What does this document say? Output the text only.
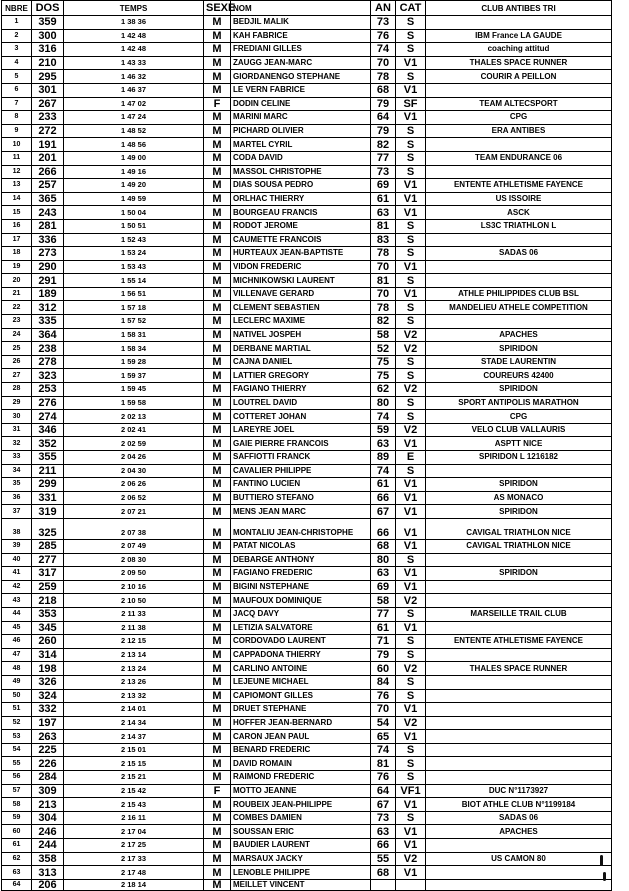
NBRE	DOS	TEMPS	SEXE	NOM	AN	CAT	CLUB ANTIBES TRI
1	359	1 38 36	M	BEDJIL MALIK	73	S	
2	300	1 42 48	M	KAH FABRICE	76	S	IBM France LA GAUDE
3	316	1 42 48	M	FREDIANI GILLES	74	S	coaching attitud
4	210	1 43 33	M	ZAUGG JEAN-MARC	70	V1	THALES SPACE RUNNER
5	295	1 46 32	M	GIORDANENGO STEPHANE	78	S	COURIR A PEILLON
6	301	1 46 37	M	LE VERN FABRICE	68	V1	
7	267	1 47 02	F	DODIN CELINE	79	SF	TEAM ALTECSPORT
8	233	1 47 24	M	MARINI MARC	64	V1	CPG
9	272	1 48 52	M	PICHARD OLIVIER	79	S	ERA ANTIBES
10	191	1 48 56	M	MARTEL CYRIL	82	S	
11	201	1 49 00	M	CODA DAVID	77	S	TEAM ENDURANCE 06
12	266	1 49 16	M	MASSOL CHRISTOPHE	73	S	
13	257	1 49 20	M	DIAS SOUSA PEDRO	69	V1	ENTENTE ATHLETISME FAYENCE
14	365	1 49 59	M	ORLHAC THIERRY	61	V1	US ISSOIRE
15	243	1 50 04	M	BOURGEAU FRANCIS	63	V1	ASCK
16	281	1 50 51	M	RODOT JEROME	81	S	LS3C TRIATHLON L
17	336	1 52 43	M	CAUMETTE FRANCOIS	83	S	
18	273	1 53 24	M	HURTEAUX JEAN-BAPTISTE	78	S	SADAS 06
19	290	1 53 43	M	VIDON FREDERIC	70	V1	
20	291	1 55 14	M	MICHNIKOWSKI LAURENT	81	S	
21	189	1 56 51	M	VILLENAVE GERARD	70	V1	ATHLE PHILIPPIDES CLUB BSL
22	312	1 57 18	M	CLEMENT SEBASTIEN	78	S	MANDELIEU ATHELE COMPETITION
23	335	1 57 52	M	LECLERC MAXIME	82	S	
24	364	1 58 31	M	NATIVEL JOSPEH	58	V2	APACHES
25	238	1 58 34	M	DERBANE MARTIAL	52	V2	SPIRIDON
26	278	1 59 28	M	CAJNA DANIEL	75	S	STADE LAURENTIN
27	323	1 59 37	M	LATTIER GREGORY	75	S	COUREURS 42400
28	253	1 59 45	M	FAGIANO THIERRY	62	V2	SPIRIDON
29	276	1 59 58	M	LOUTREL DAVID	80	S	SPORT ANTIPOLIS MARATHON
30	274	2 02 13	M	COTTERET JOHAN	74	S	CPG
31	346	2 02 41	M	LAREYRE JOEL	59	V2	VELO CLUB VALLAURIS
32	352	2 02 59	M	GAIE PIERRE FRANCOIS	63	V1	ASPTT NICE
33	355	2 04 26	M	SAFFIOTTI FRANCK	89	E	SPIRIDON L 1216182
34	211	2 04 30	M	CAVALIER PHILIPPE	74	S	
35	299	2 06 26	M	FANTINO LUCIEN	61	V1	SPIRIDON
36	331	2 06 52	M	BUTTIERO STEFANO	66	V1	AS MONACO
37	319	2 07 21	M	MENS JEAN MARC	67	V1	SPIRIDON
38	325	2 07 38	M	MONTALIU JEAN-CHRISTOPHE	66	V1	CAVIGAL TRIATHLON NICE
39	285	2 07 49	M	PATAT NICOLAS	68	V1	CAVIGAL TRIATHLON NICE
40	277	2 08 30	M	DEBARGE ANTHONY	80	S	
41	317	2 09 50	M	FAGIANO FREDERIC	63	V1	SPIRIDON
42	259	2 10 16	M	BIGINI NSTEPHANE	69	V1	
43	218	2 10 50	M	MAUFOUX DOMINIQUE	58	V2	
44	353	2 11 33	M	JACQ DAVY	77	S	MARSEILLE TRAIL CLUB
45	345	2 11 38	M	LETIZIA SALVATORE	61	V1	
46	260	2 12 15	M	CORDOVADO LAURENT	71	S	ENTENTE ATHLETISME FAYENCE
47	314	2 13 14	M	CAPPADONA THIERRY	79	S	
48	198	2 13 24	M	CARLINO ANTOINE	60	V2	THALES SPACE RUNNER
49	326	2 13 26	M	LEJEUNE MICHAEL	84	S	
50	324	2 13 32	M	CAPIOMONT GILLES	76	S	
51	332	2 14 01	M	DRUET STEPHANE	70	V1	
52	197	2 14 34	M	HOFFER JEAN-BERNARD	54	V2	
53	263	2 14 37	M	CARON JEAN PAUL	65	V1	
54	225	2 15 01	M	BENARD FREDERIC	74	S	
55	226	2 15 15	M	DAVID ROMAIN	81	S	
56	284	2 15 21	M	RAIMOND FREDERIC	76	S	
57	309	2 15 42	F	MOTTO JEANNE	64	VF1	DUC N°1173927
58	213	2 15 43	M	ROUBEIX JEAN-PHILIPPE	67	V1	BIOT ATHLE CLUB N°1199184
59	304	2 16 11	M	COMBES DAMIEN	73	S	SADAS 06
60	246	2 17 04	M	SOUSSAN ERIC	63	V1	APACHES
61	244	2 17 25	M	BAUDIER LAURENT	66	V1	
62	358	2 17 33	M	MARSAUX JACKY	55	V2	US CAMON 80
63	313	2 17 48	M	LENOBLE PHILIPPE	68	V1	
64	206	2 18 14	M	MEILLET VINCENT			
